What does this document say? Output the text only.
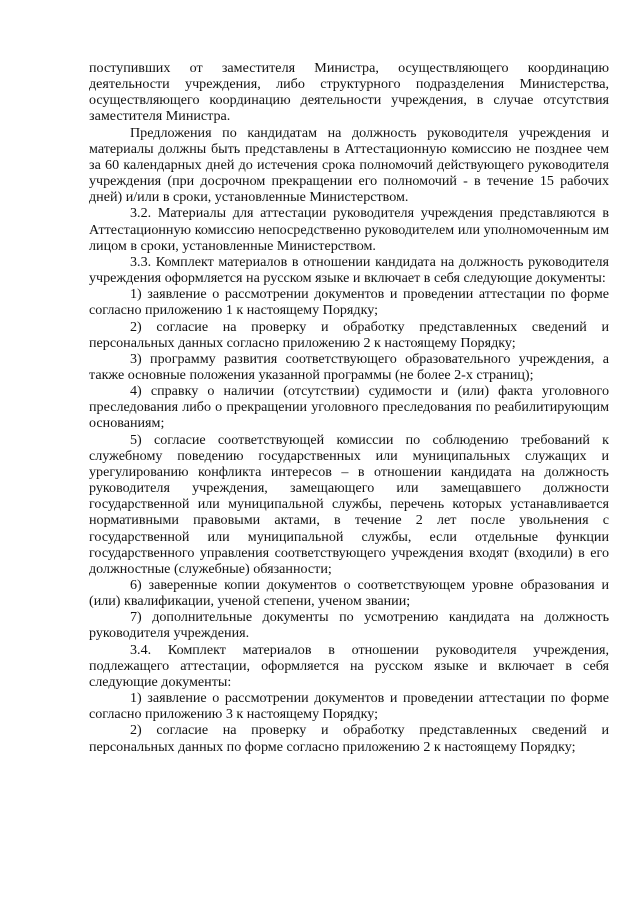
поступивших от заместителя Министра, осуществляющего координацию деятельности учреждения, либо структурного подразделения Министерства, осуществляющего координацию деятельности учреждения, в случае отсутствия заместителя Министра.

Предложения по кандидатам на должность руководителя учреждения и материалы должны быть представлены в Аттестационную комиссию не позднее чем за 60 календарных дней до истечения срока полномочий действующего руководителя учреждения (при досрочном прекращении его полномочий - в течение 15 рабочих дней) и/или в сроки, установленные Министерством.

3.2. Материалы для аттестации руководителя учреждения представляются в Аттестационную комиссию непосредственно руководителем или уполномоченным им лицом в сроки, установленные Министерством.

3.3. Комплект материалов в отношении кандидата на должность руководителя учреждения оформляется на русском языке и включает в себя следующие документы:

1) заявление о рассмотрении документов и проведении аттестации по форме согласно приложению 1 к настоящему Порядку;

2) согласие на проверку и обработку представленных сведений и персональных данных согласно приложению 2 к настоящему Порядку;

3) программу развития соответствующего образовательного учреждения, а также основные положения указанной программы (не более 2-х страниц);

4) справку о наличии (отсутствии) судимости и (или) факта уголовного преследования либо о прекращении уголовного преследования по реабилитирующим основаниям;

5) согласие соответствующей комиссии по соблюдению требований к служебному поведению государственных или муниципальных служащих и урегулированию конфликта интересов – в отношении кандидата на должность руководителя учреждения, замещающего или замещавшего должности государственной или муниципальной службы, перечень которых устанавливается нормативными правовыми актами, в течение 2 лет после увольнения с государственной или муниципальной службы, если отдельные функции государственного управления соответствующего учреждения входят (входили) в его должностные (служебные) обязанности;

6) заверенные копии документов о соответствующем уровне образования и (или) квалификации, ученой степени, ученом звании;

7) дополнительные документы по усмотрению кандидата на должность руководителя учреждения.

3.4. Комплект материалов в отношении руководителя учреждения, подлежащего аттестации, оформляется на русском языке и включает в себя следующие документы:

1) заявление о рассмотрении документов и проведении аттестации по форме согласно приложению 3 к настоящему Порядку;

2) согласие на проверку и обработку представленных сведений и персональных данных по форме согласно приложению 2 к настоящему Порядку;
